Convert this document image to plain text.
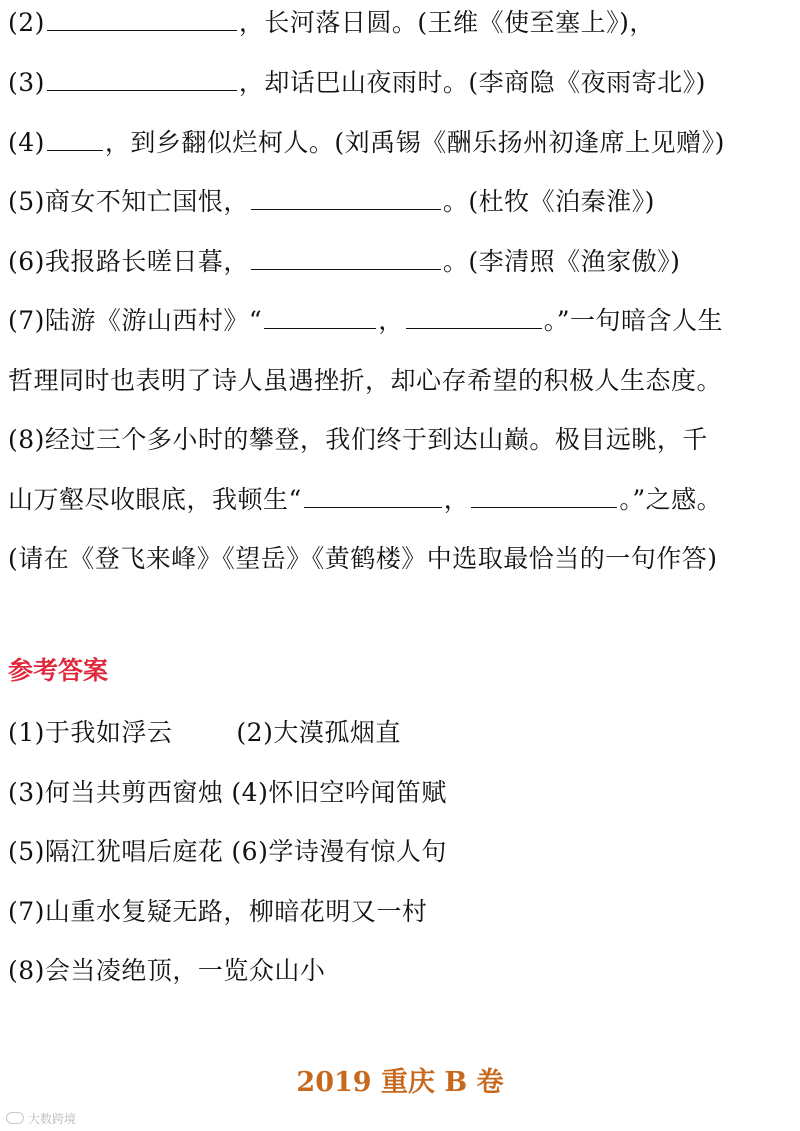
(2)	，长河落日圆。(王维《使至塞上》)，
(3)	，却话巴山夜雨时。(李商隐《夜雨寄北》)
(4) ，到乡翻似烂柯人。(刘禹锡《酬乐扬州初逢席上见赠》)
(5)商女不知亡国恨，	。(杜牧《泊秦淮》)
(6)我报路长嗟日暮，	。(李清照《渔家傲》)
(7)陆游《游山西村》“	，	。”一句暗含人生
哲理同时也表明了诗人虽遇挫折，却心存希望的积极人生态度。
(8)经过三个多小时的攀登，我们终于到达山巅。极目远眺，千
山万壑尽收眼底，我顿生“	，	。”之感。
(请在《登飞来峰》《望岳》《黄鹤楼》中选取最恰当的一句作答)
参考答案
(1)于我如浮云	(2)大漠孤烟直
(3)何当共剪西窗烛 (4)怀旧空吟闻笛赋
(5)隔江犹唱后庭花 (6)学诗漫有惊人句
(7)山重水复疑无路，柳暗花明又一村
(8)会当凌绝顶，一览众山小
2019 重庆 B 卷
大数跨境
